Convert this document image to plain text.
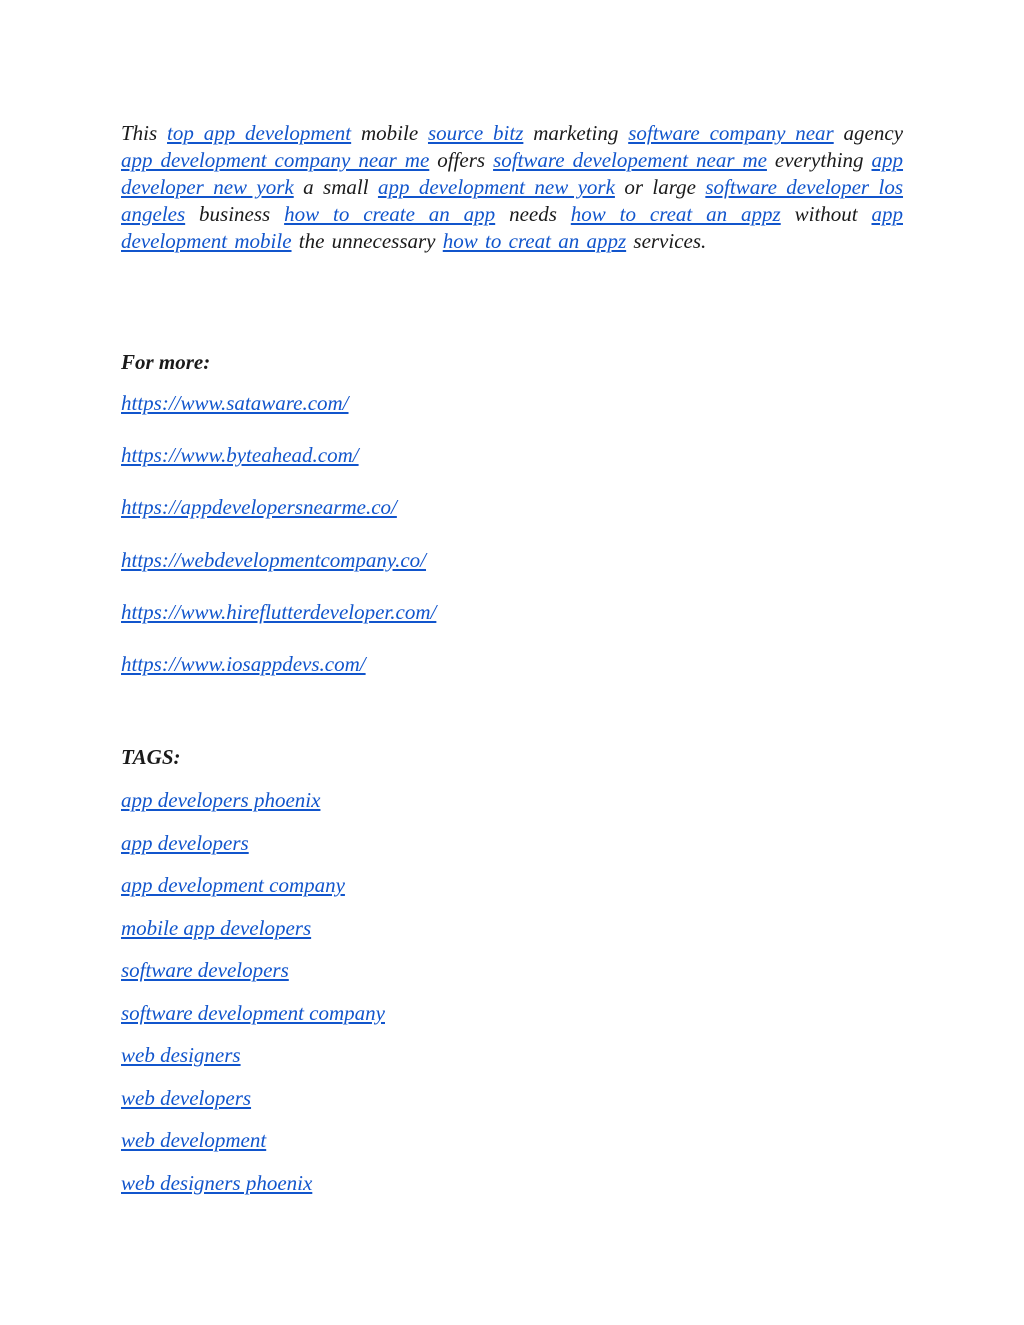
This top app development mobile source bitz marketing software company near agency app development company near me offers software developement near me everything app developer new york a small app development new york or large software developer los angeles business how to create an app needs how to creat an appz without app development mobile the unnecessary how to creat an appz services.

For more:
https://www.sataware.com/
https://www.byteahead.com/
https://appdevelopersnearme.co/
https://webdevelopmentcompany.co/
https://www.hireflutterdeveloper.com/
https://www.iosappdevs.com/
TAGS:
app developers phoenix
app developers
app development company
mobile app developers
software developers
software development company
web designers
web developers
web development
web designers phoenix
